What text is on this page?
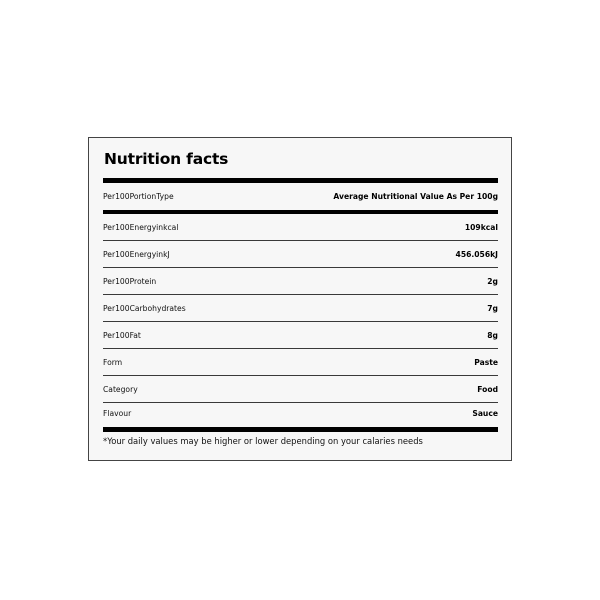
Nutrition facts
Per100PortionType	Average Nutritional Value As Per 100g
Per100Energyinkcal	109kcal
Per100EnergyinkJ	456.056kJ
Per100Protein	2g
Per100Carbohydrates	7g
Per100Fat	8g
Form	Paste
Category	Food
Flavour	Sauce
*Your daily values may be higher or lower depending on your calaries needs
